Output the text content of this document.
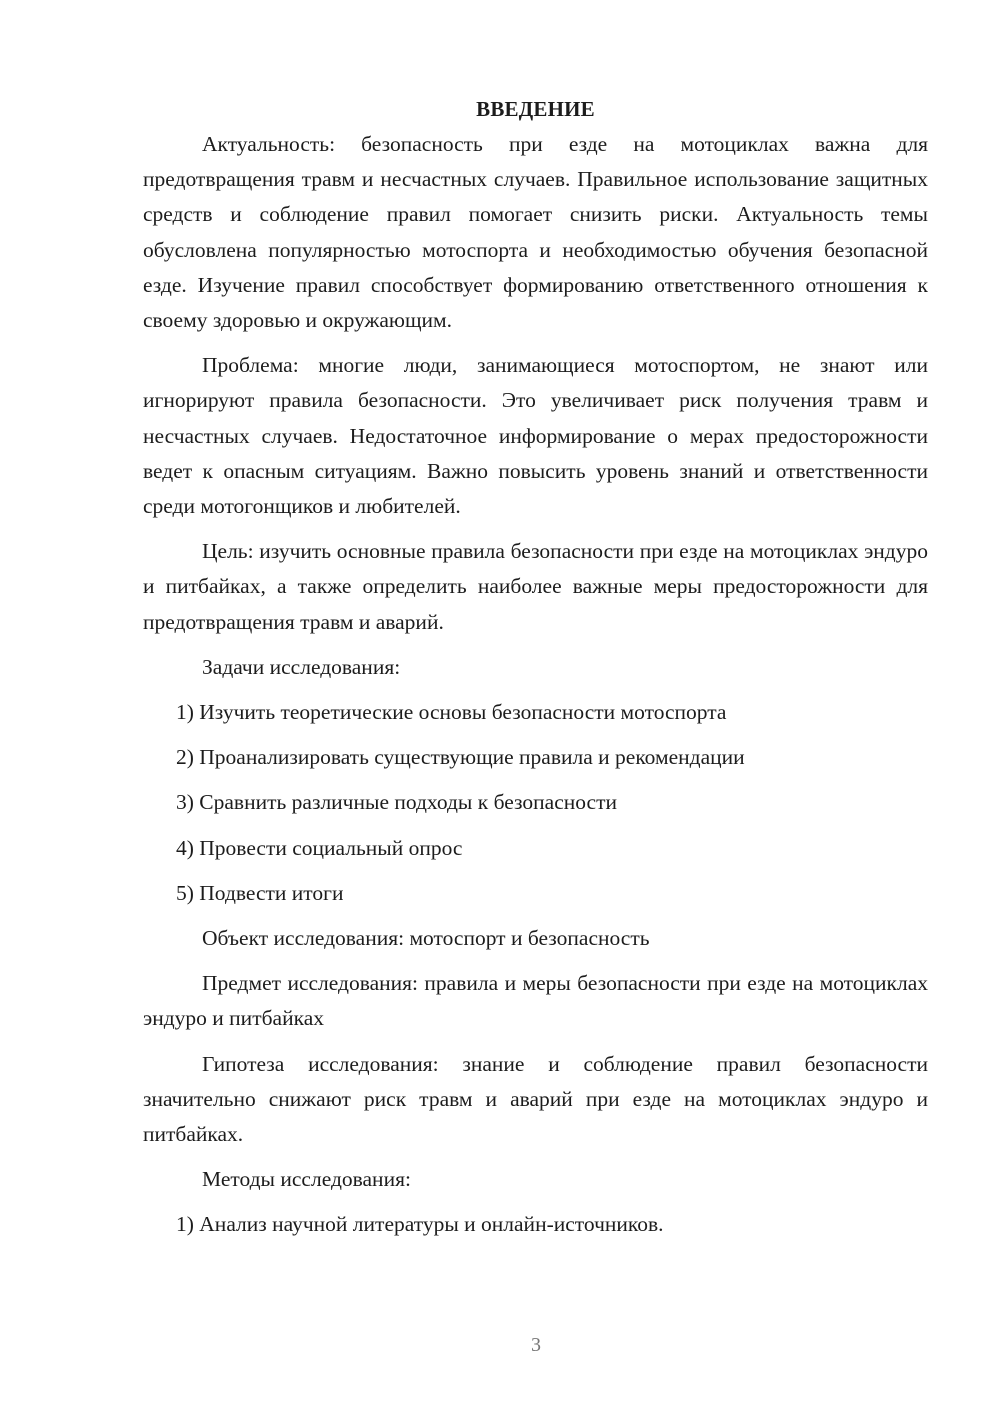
ВВЕДЕНИЕ

Актуальность: безопасность при езде на мотоциклах важна для предотвращения травм и несчастных случаев. Правильное использование защитных средств и соблюдение правил помогает снизить риски. Актуальность темы обусловлена популярностью мотоспорта и необходимостью обучения безопасной езде. Изучение правил способствует формированию ответственного отношения к своему здоровью и окружающим.

Проблема: многие люди, занимающиеся мотоспортом, не знают или игнорируют правила безопасности. Это увеличивает риск получения травм и несчастных случаев. Недостаточное информирование о мерах предосторожности ведет к опасным ситуациям. Важно повысить уровень знаний и ответственности среди мотогонщиков и любителей.

Цель: изучить основные правила безопасности при езде на мотоциклах эндуро и питбайках, а также определить наиболее важные меры предосторожности для предотвращения травм и аварий.

Задачи исследования:

1) Изучить теоретические основы безопасности мотоспорта
2) Проанализировать существующие правила и рекомендации
3) Сравнить различные подходы к безопасности
4) Провести социальный опрос
5) Подвести итоги

Объект исследования: мотоспорт и безопасность

Предмет исследования: правила и меры безопасности при езде на мотоциклах эндуро и питбайках

Гипотеза исследования: знание и соблюдение правил безопасности значительно снижают риск травм и аварий при езде на мотоциклах эндуро и питбайках.

Методы исследования:

1) Анализ научной литературы и онлайн-источников.
3
